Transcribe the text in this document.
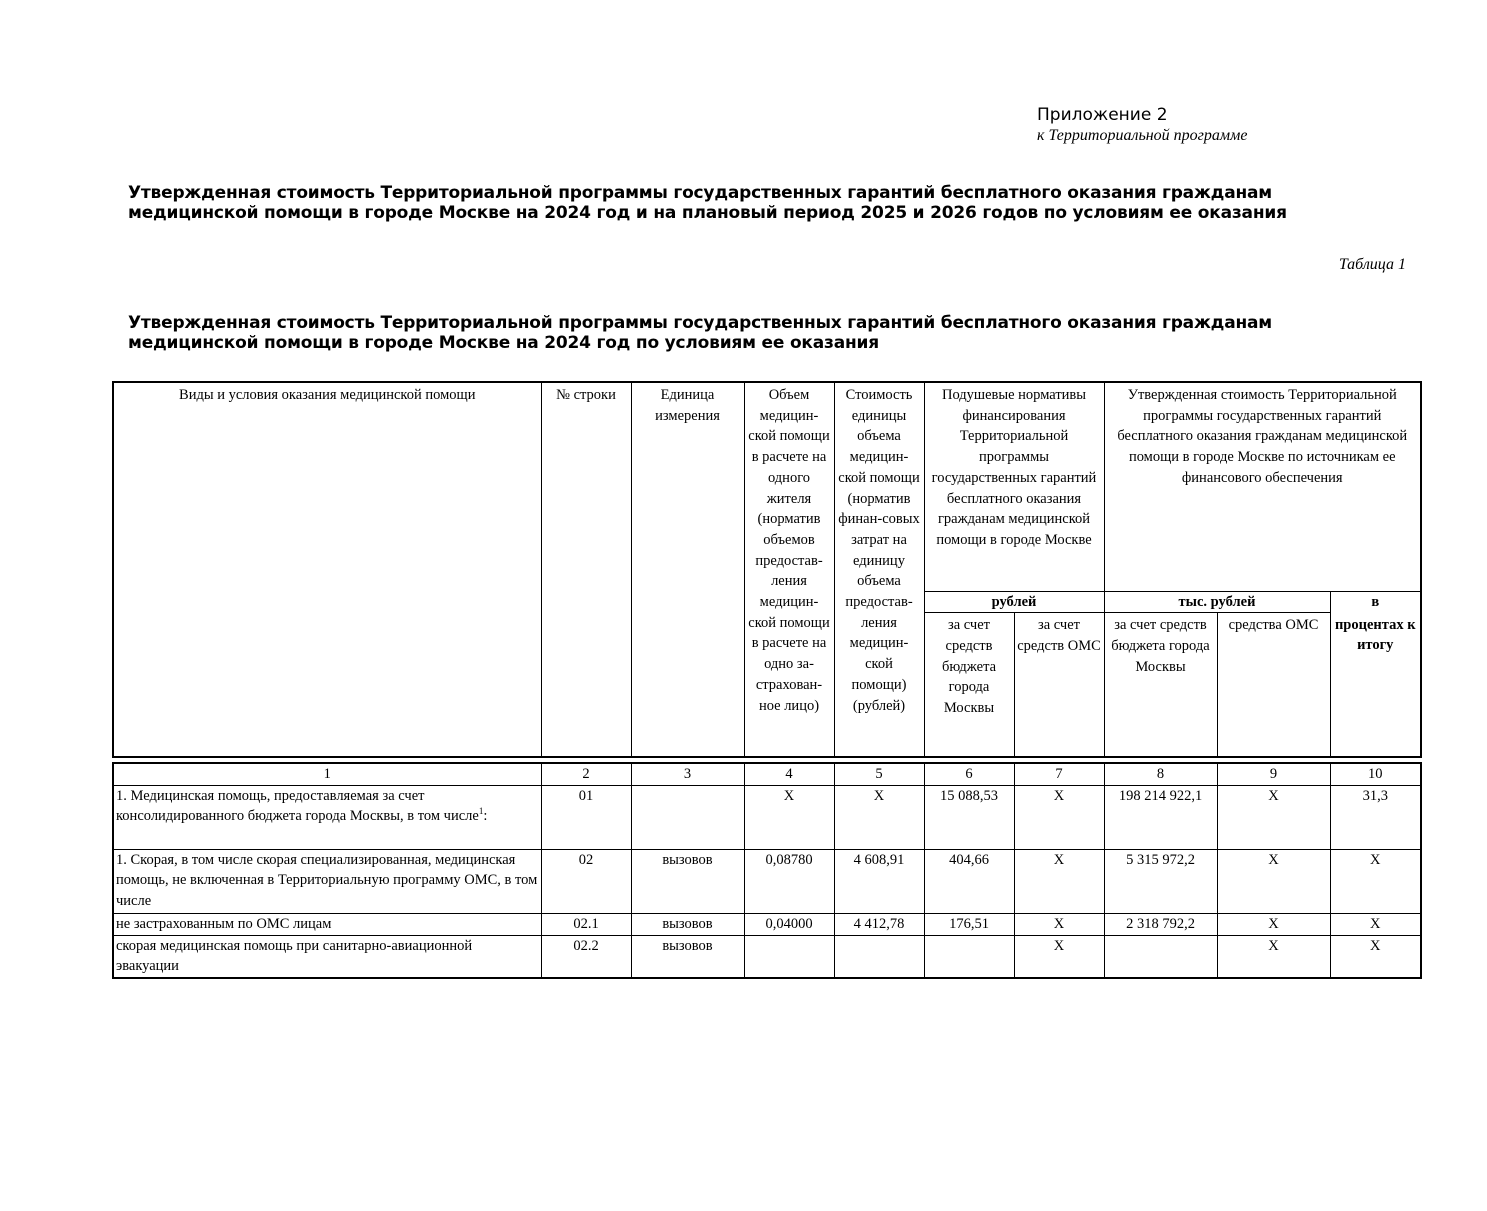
Приложение 2
к Территориальной программе
Утвержденная стоимость Территориальной программы государственных гарантий бесплатного оказания гражданам медицинской помощи в городе Москве на 2024 год и на плановый период 2025 и 2026 годов по условиям ее оказания
Таблица 1
Утвержденная стоимость Территориальной программы государственных гарантий бесплатного оказания гражданам медицинской помощи в городе Москве на 2024 год по условиям ее оказания
Виды и условия оказания медицинской помощи	№ строки	Единица измерения	Объем медицин-ской помощи в расчете на одного жителя (норматив объемов предостав-ления медицин-ской помощи в расчете на одно за-страхован-ное лицо)	Стоимость единицы объема медицин-ской помощи (норматив финан-совых затрат на единицу объема предостав-ления медицин-ской помощи) (рублей)	Подушевые нормативы финансирования Территориальной программы государственных гарантий бесплатного оказания гражданам медицинской помощи в городе Москве		Утвержденная стоимость Территориальной программы государственных гарантий бесплатного оказания гражданам медицинской помощи в городе Москве по источникам ее финансового обеспечения		
					рублей		тыс. рублей		в
					за счет средств бюджета города Москвы	за счет средств ОМС	за счет средств бюджета города Москвы	средства ОМС	процентах к итогу
1	2	3	4	5	6	7	8	9	10
1. Медицинская помощь, предоставляемая за счет консолидированного бюджета города Москвы, в том числе$^1$:	01		X	X	15 088,53	X	198 214 922,1	X	31,3
1. Скорая, в том числе скорая специализированная, медицинская помощь, не включенная в Территориальную программу ОМС, в том числе	02	вызовов	0,08780	4 608,91	404,66	X	5 315 972,2	X	X
не застрахованным по ОМС лицам	02.1	вызовов	0,04000	4 412,78	176,51	X	2 318 792,2	X	X
скорая медицинская помощь при санитарно-авиационной эвакуации	02.2	вызовов				X		X	X
